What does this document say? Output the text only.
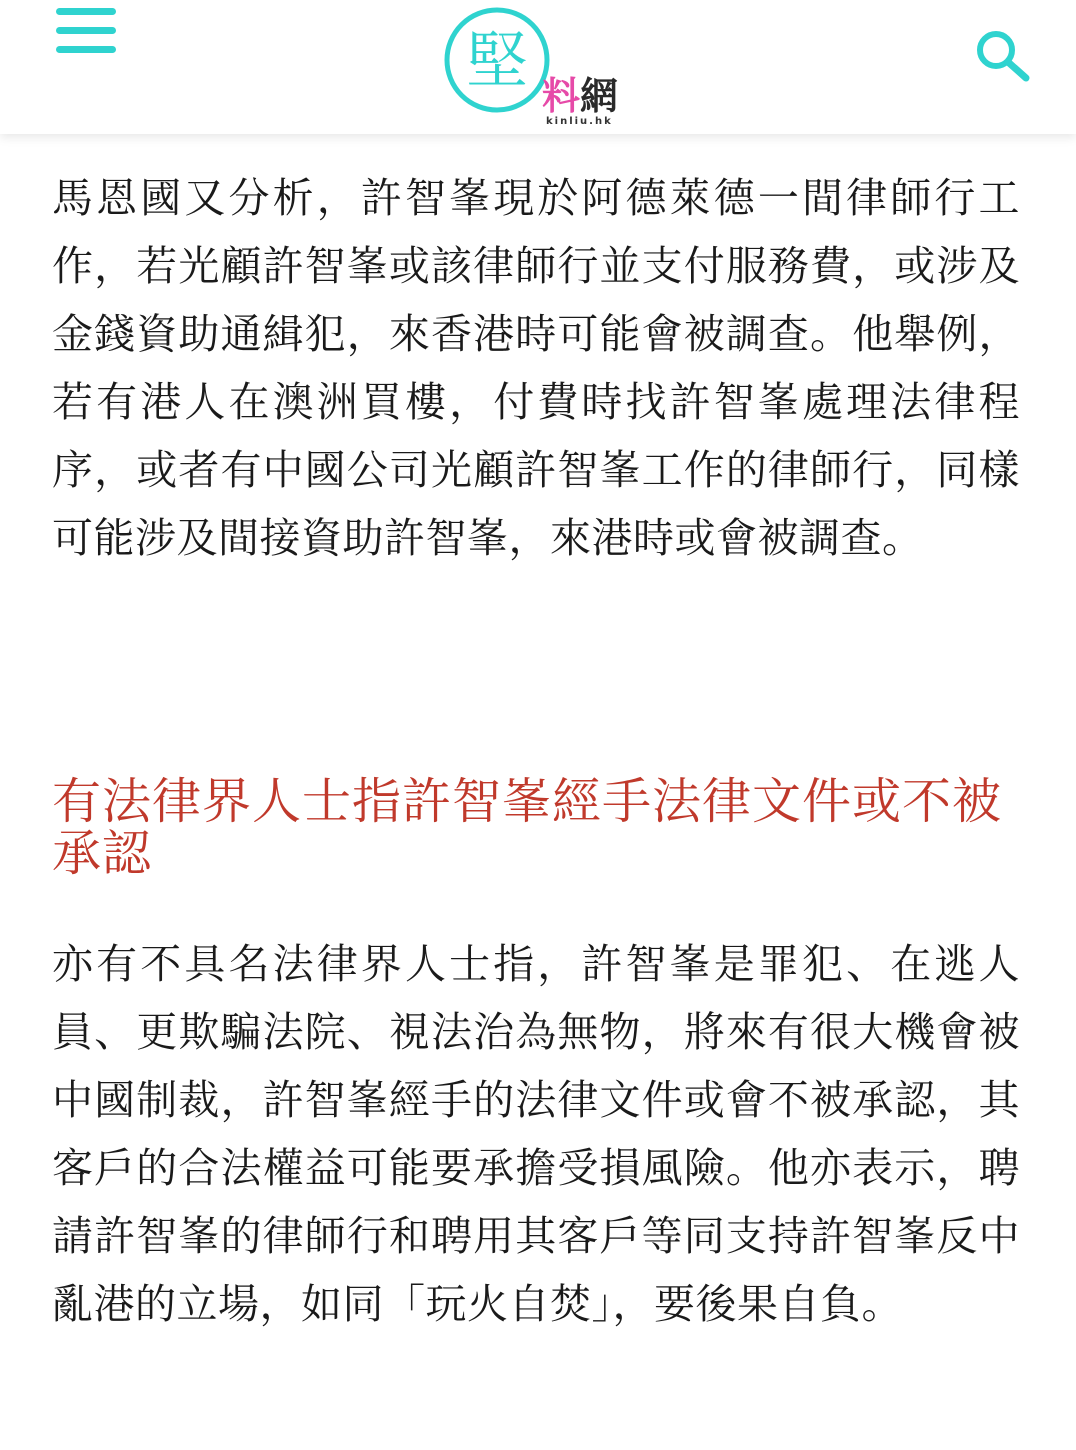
堅 料網
kinliu.hk

馬恩國又分析，許智峯現於阿德萊德一間律師行工作，若光顧許智峯或該律師行並支付服務費，或涉及金錢資助通緝犯，來香港時可能會被調查。他舉例，若有港人在澳洲買樓，付費時找許智峯處理法律程序，或者有中國公司光顧許智峯工作的律師行，同樣可能涉及間接資助許智峯，來港時或會被調查。

有法律界人士指許智峯經手法律文件或不被承認

亦有不具名法律界人士指，許智峯是罪犯、在逃人員、更欺騙法院、視法治為無物，將來有很大機會被中國制裁，許智峯經手的法律文件或會不被承認，其客戶的合法權益可能要承擔受損風險。他亦表示，聘請許智峯的律師行和聘用其客戶等同支持許智峯反中亂港的立場，如同「玩火自焚」，要後果自負。
